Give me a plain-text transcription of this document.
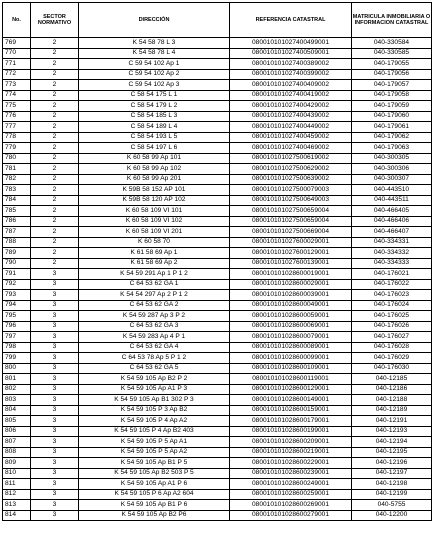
No.	SECTOR NORMATIVO	DIRECCIÓN	REFERENCIA CATASTRAL	MATRICULA INMOBILIARIA O INFORMACION CATASTRAL
769	2	K 54 58 78 L 3	080010101027400499001	040-330584
770	2	K 54 58 78 L 4	080010101027400509001	040-330585
771	2	C 59 54 102 Ap 1	080010101027400389002	040-179055
772	2	C 59 54 102 Ap 2	080010101027400399002	040-179056
773	2	C 59 54 102 Ap 3	080010101027400409002	040-179057
774	2	C 58 54 175 L 1	080010101027400419002	040-179058
775	2	C 58 54 179 L 2	080010101027400429002	040-179059
776	2	C 58 54 185 L 3	080010101027400439002	040-179060
777	2	C 58 54 189 L 4	080010101027400449002	040-179061
778	2	C 58 54 193 L 5	080010101027400459002	040-179062
779	2	C 58 54 197 L 6	080010101027400469002	040-179063
780	2	K 60 58 99 Ap 101	080010101027500619002	040-300305
781	2	K 60 58 99 Ap 102	080010101027500629002	040-300306
782	2	K 60 58 99 Ap 201	080010101027500639002	040-300307
783	2	K 59B 58 152 AP 101	080010101027500079003	040-443510
784	2	K 59B 58 120 AP 102	080010101027500649003	040-443511
785	2	K 60 58 109 VI 101	080010101027500659004	040-466405
786	2	K 60 58 109 VI 102	080010101027500659004	040-466406
787	2	K 60 58 109 VI 201	080010101027500669004	040-466407
788	2	K 60 58 70	080010101027600029001	040-334331
789	2	K 61 58 69 Ap 1	080010101027600129001	040-334332
790	2	K 61 58 69 Ap 2	080010101027600139001	040-334333
791	3	K 54 59 291 Ap 1 P 1 2	080010101028600019001	040-176021
792	3	C 64 53 62 GA 1	080010101028600029001	040-176022
793	3	K 54 54 297 Ap 2 P 1 2	080010101028600039001	040-176023
794	3	C 64 53 62 GA 2	080010101028600049001	040-176024
795	3	K 54 59 287 Ap 3 P 2	080010101028600059001	040-176025
796	3	C 64 53 62 GA 3	080010101028600069001	040-176026
797	3	K 54 59 283 Ap 4 P 1	080010101028600079001	040-176027
798	3	C 64 53 62 GA 4	080010101028600089001	040-176028
799	3	C 64 53 78 Ap 5 P 1 2	080010101028600099001	040-176029
800	3	C 64 53 62 GA 5	080010101028600109001	040-176030
801	3	K 54 59 105 Ap B2 P 2	080010101028600119001	040-12185
802	3	K 54 59 105 Ap A1 P 3	080010101028600129001	040-12186
803	3	K 54 59 105 Ap B1 302 P 3	080010101028600149001	040-12188
804	3	K 54 59 105 P 3 Ap B2	080010101028600159001	040-12189
805	3	K 54 59 105 P 4 Ap A2	080010101028600179001	040-12191
806	3	K 54 59 105 P 4 Ap B2 403	080010101028600199001	040-12193
807	3	K 54 59 105 P 5 Ap A1	080010101028600209001	040-12194
808	3	K 54 59 105 P 5 Ap A2	080010101028600219001	040-12195
809	3	K 54 59 105 Ap B1 P 5	080010101028600229001	040-12196
810	3	K 54 59 105 Ap B2 503 P 5	080010101028600239001	040-12197
811	3	K 54 59 105 Ap A1 P 6	080010101028600249001	040-12198
812	3	K 54 59 105 P 6 Ap A2 604	080010101028600259001	040-12199
813	3	K 54 59 105 Ap B1 P 6	080010101028600269001	040-5755
814	3	K 54 59 105 Ap B2 P6	080010101028600279001	040-12200
